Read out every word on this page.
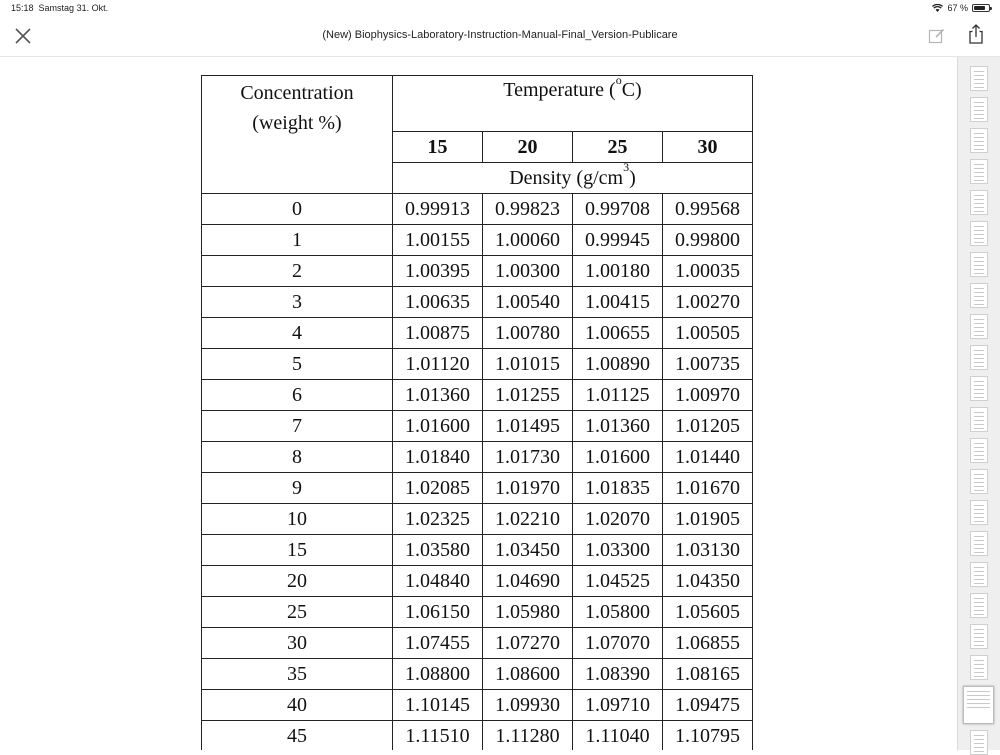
15:18 Samstag 31. Okt.	67 %
(New) Biophysics-Laboratory-Instruction-Manual-Final_Version-Publicare
Concentration
(weight %)	Temperature ($^o$C)			
	15	20	25	30
	Density $(g/cm^3)$			
0	0.99913	0.99823	0.99708	0.99568
1	1.00155	1.00060	0.99945	0.99800
2	1.00395	1.00300	1.00180	1.00035
3	1.00635	1.00540	1.00415	1.00270
4	1.00875	1.00780	1.00655	1.00505
5	1.01120	1.01015	1.00890	1.00735
6	1.01360	1.01255	1.01125	1.00970
7	1.01600	1.01495	1.01360	1.01205
8	1.01840	1.01730	1.01600	1.01440
9	1.02085	1.01970	1.01835	1.01670
10	1.02325	1.02210	1.02070	1.01905
15	1.03580	1.03450	1.03300	1.03130
20	1.04840	1.04690	1.04525	1.04350
25	1.06150	1.05980	1.05800	1.05605
30	1.07455	1.07270	1.07070	1.06855
35	1.08800	1.08600	1.08390	1.08165
40	1.10145	1.09930	1.09710	1.09475
45	1.11510	1.11280	1.11040	1.10795
